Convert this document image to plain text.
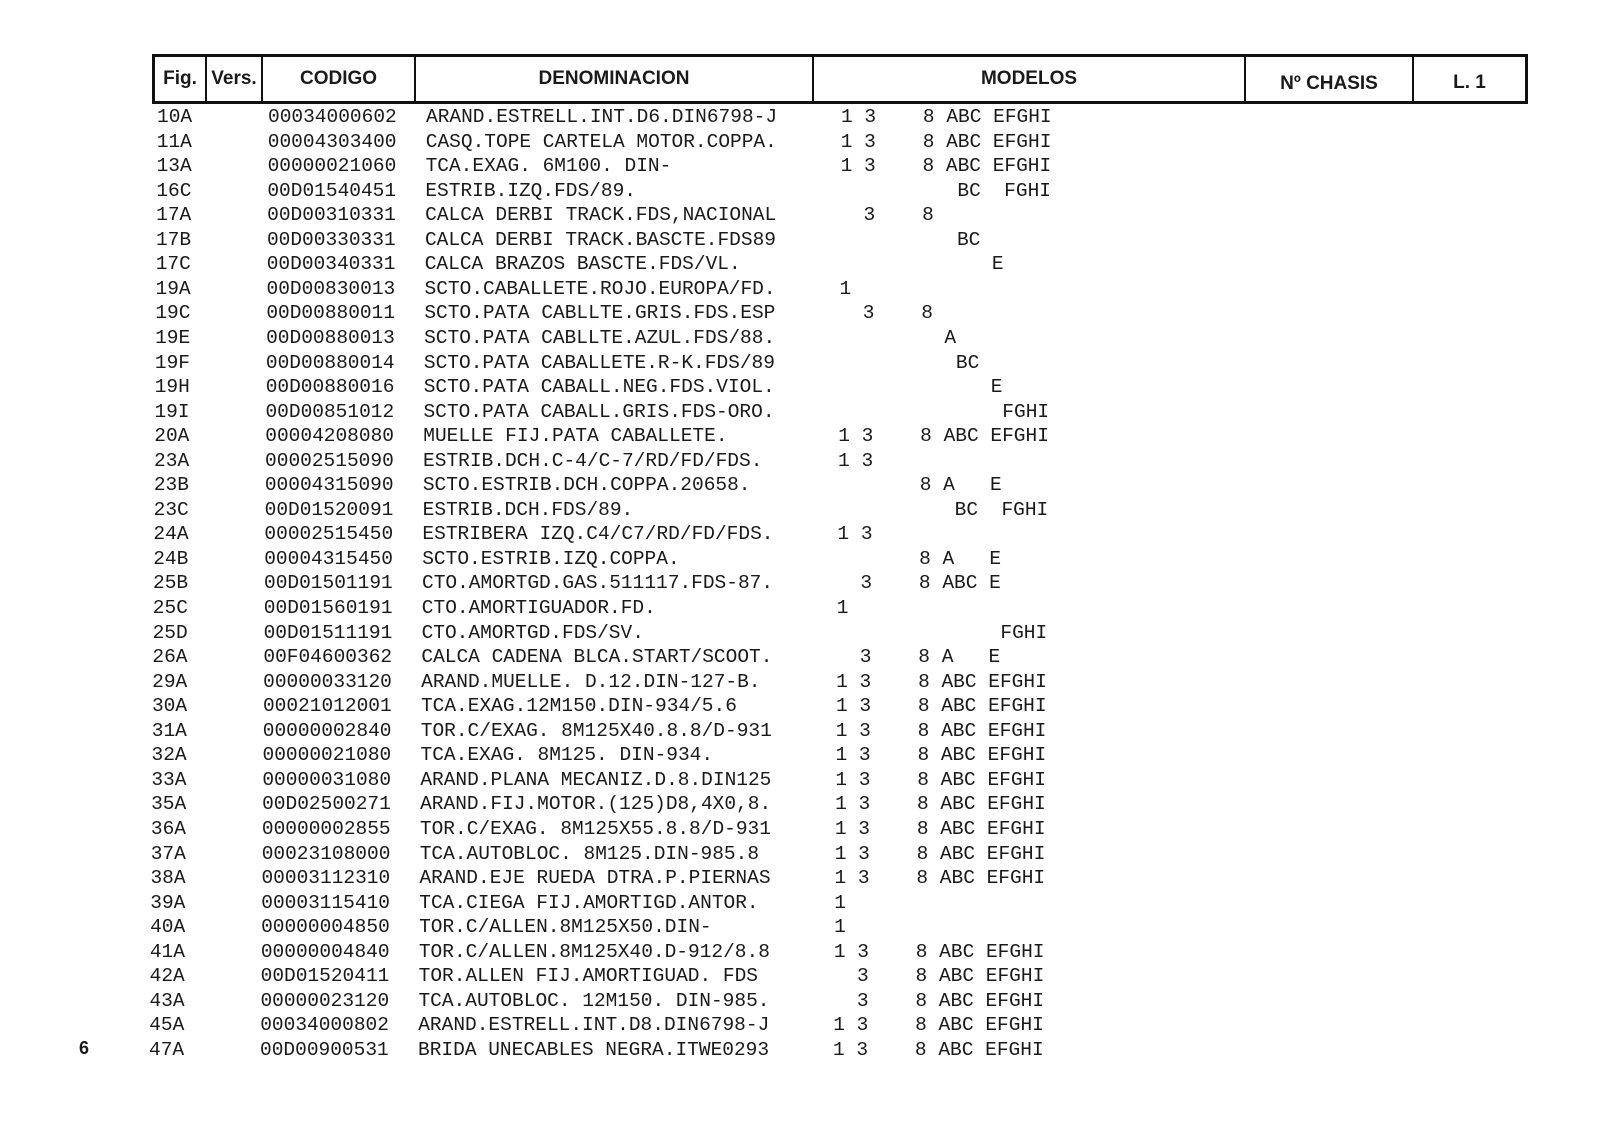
Fig. Vers.	CODIGO	DENOMINACION	MODELOS	Nº CHASIS	L. 1
10A	00034000602 ARAND.ESTRELL.INT.D6.DIN6798-J	1 3    8 ABC EFGHI
11A	00004303400 CASQ.TOPE CARTELA MOTOR.COPPA.	1 3    8 ABC EFGHI
13A	00000021060 TCA.EXAG. 6M100. DIN-	1 3    8 ABC EFGHI
16C	00D01540451 ESTRIB.IZQ.FDS/89.	BC  FGHI
17A	00D00310331 CALCA DERBI TRACK.FDS,NACIONAL	3    8
17B	00D00330331 CALCA DERBI TRACK.BASCTE.FDS89	BC
17C	00D00340331 CALCA BRAZOS BASCTE.FDS/VL.	E
19A	00D00830013 SCTO.CABALLETE.ROJO.EUROPA/FD.	1
19C	00D00880011 SCTO.PATA CABLLTE.GRIS.FDS.ESP	3    8
19E	00D00880013 SCTO.PATA CABLLTE.AZUL.FDS/88.	A
19F	00D00880014 SCTO.PATA CABALLETE.R-K.FDS/89	BC
19H	00D00880016 SCTO.PATA CABALL.NEG.FDS.VIOL.	E
19I	00D00851012 SCTO.PATA CABALL.GRIS.FDS-ORO.	FGHI
20A	00004208080 MUELLE FIJ.PATA CABALLETE.	1 3    8 ABC EFGHI
23A	00002515090 ESTRIB.DCH.C-4/C-7/RD/FD/FDS.	1 3
23B	00004315090 SCTO.ESTRIB.DCH.COPPA.20658.	8 A   E
23C	00D01520091 ESTRIB.DCH.FDS/89.	BC  FGHI
24A	00002515450 ESTRIBERA IZQ.C4/C7/RD/FD/FDS.	1 3
24B	00004315450 SCTO.ESTRIB.IZQ.COPPA.	8 A   E
25B	00D01501191 CTO.AMORTGD.GAS.511117.FDS-87.	3    8 ABC E
25C	00D01560191 CTO.AMORTIGUADOR.FD.	1
25D	00D01511191 CTO.AMORTGD.FDS/SV.	FGHI
26A	00F04600362 CALCA CADENA BLCA.START/SCOOT.	3    8 A   E
29A	00000033120 ARAND.MUELLE. D.12.DIN-127-B.	1 3    8 ABC EFGHI
30A	00021012001 TCA.EXAG.12M150.DIN-934/5.6	1 3    8 ABC EFGHI
31A	00000002840 TOR.C/EXAG. 8M125X40.8.8/D-931	1 3    8 ABC EFGHI
32A	00000021080 TCA.EXAG. 8M125. DIN-934.	1 3    8 ABC EFGHI
33A	00000031080 ARAND.PLANA MECANIZ.D.8.DIN125	1 3    8 ABC EFGHI
35A	00D02500271 ARAND.FIJ.MOTOR.(125)D8,4X0,8.	1 3    8 ABC EFGHI
36A	00000002855 TOR.C/EXAG. 8M125X55.8.8/D-931	1 3    8 ABC EFGHI
37A	00023108000 TCA.AUTOBLOC. 8M125.DIN-985.8	1 3    8 ABC EFGHI
38A	00003112310 ARAND.EJE RUEDA DTRA.P.PIERNAS	1 3    8 ABC EFGHI
39A	00003115410 TCA.CIEGA FIJ.AMORTIGD.ANTOR.	1
40A	00000004850 TOR.C/ALLEN.8M125X50.DIN-	1
41A	00000004840 TOR.C/ALLEN.8M125X40.D-912/8.8	1 3    8 ABC EFGHI
42A	00D01520411 TOR.ALLEN FIJ.AMORTIGUAD. FDS	3    8 ABC EFGHI
43A	00000023120 TCA.AUTOBLOC. 12M150. DIN-985.	3    8 ABC EFGHI
45A	00034000802 ARAND.ESTRELL.INT.D8.DIN6798-J	1 3    8 ABC EFGHI
47A	00D00900531 BRIDA UNECABLES NEGRA.ITWE0293	1 3    8 ABC EFGHI
6
